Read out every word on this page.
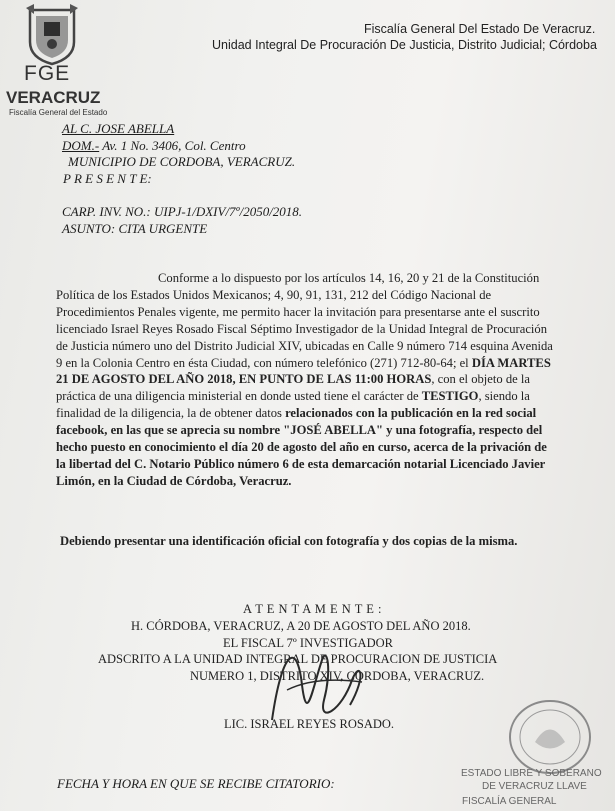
FGE
VERACRUZ
Fiscalía General del Estado
Fiscalía General Del Estado De Veracruz.
Unidad Integral De Procuración De Justicia, Distrito Judicial; Córdoba
AL C. JOSE ABELLA
DOM.- Av. 1 No. 3406, Col. Centro
MUNICIPIO DE CORDOBA, VERACRUZ.
P R E S E N T E:
CARP. INV. NO.: UIPJ-1/DXIV/7º/2050/2018.
ASUNTO: CITA URGENTE
Conforme a lo dispuesto por los artículos 14, 16, 20 y 21 de la Constitución
Política de los Estados Unidos Mexicanos; 4, 90, 91, 131, 212 del Código Nacional de
Procedimientos Penales vigente, me permito hacer la invitación para presentarse ante el suscrito
licenciado Israel Reyes Rosado Fiscal Séptimo Investigador de la Unidad Integral de Procuración
de Justicia número uno del Distrito Judicial XIV, ubicadas en Calle 9 número 714 esquina Avenida
9 en la Colonia Centro en ésta Ciudad, con número telefónico (271) 712-80-64; el DÍA MARTES
21 DE AGOSTO DEL AÑO 2018, EN PUNTO DE LAS 11:00 HORAS, con el objeto de la
práctica de una diligencia ministerial en donde usted tiene el carácter de TESTIGO, siendo la
finalidad de la diligencia, la de obtener datos relacionados con la publicación en la red social
facebook, en las que se aprecia su nombre "JOSÉ ABELLA" y una fotografía, respecto del
hecho puesto en conocimiento el día 20 de agosto del año en curso, acerca de la privación de
la libertad del C. Notario Público número 6 de esta demarcación notarial Licenciado Javier
Limón, en la Ciudad de Córdoba, Veracruz.
Debiendo presentar una identificación oficial con fotografía y dos copias de la misma.
A T E N T A M E N T E :
H. CÓRDOBA, VERACRUZ, A 20 DE AGOSTO DEL AÑO 2018.
EL FISCAL 7º INVESTIGADOR
ADSCRITO A LA UNIDAD INTEGRAL DE PROCURACION DE JUSTICIA
NUMERO 1, DISTRITO XIV, CORDOBA, VERACRUZ.
LIC. ISRAEL REYES ROSADO.
FECHA Y HORA EN QUE SE RECIBE CITATORIO:
ESTADO LIBRE Y SOBERANO
DE VERACRUZ LLAVE
FISCALÍA GENERAL
